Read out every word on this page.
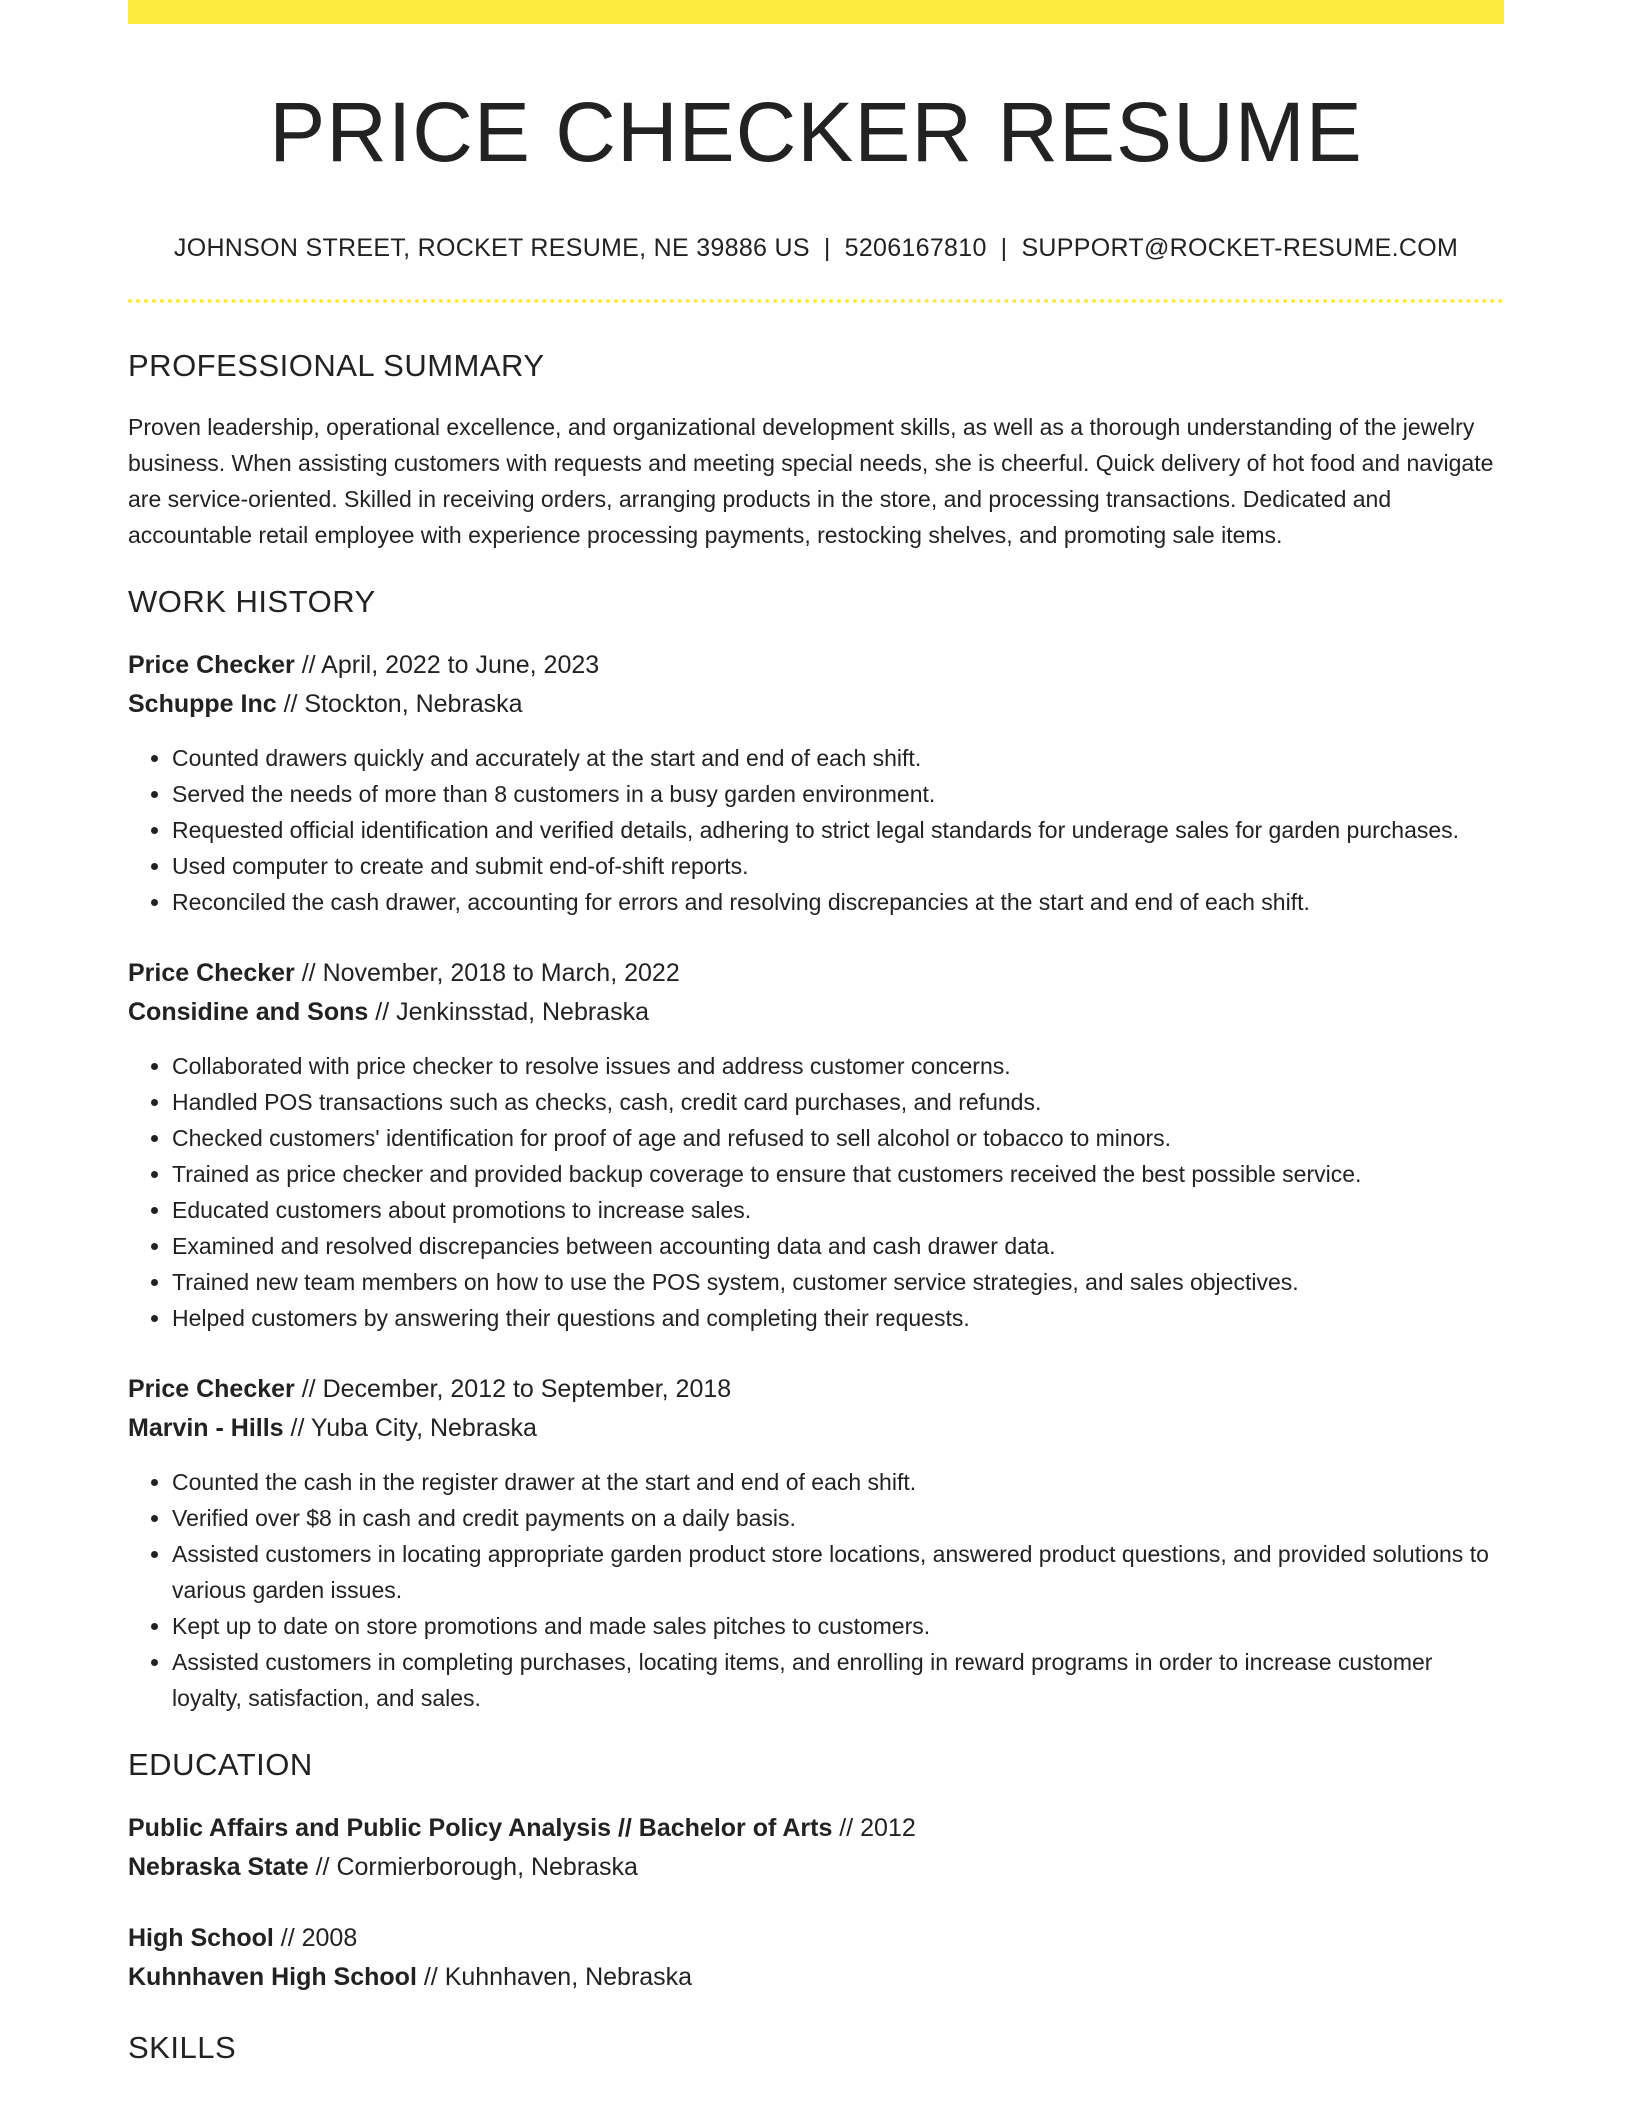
PRICE CHECKER RESUME
JOHNSON STREET, ROCKET RESUME, NE 39886 US | 5206167810 | SUPPORT@ROCKET-RESUME.COM
PROFESSIONAL SUMMARY
Proven leadership, operational excellence, and organizational development skills, as well as a thorough understanding of the jewelry business. When assisting customers with requests and meeting special needs, she is cheerful. Quick delivery of hot food and navigate are service-oriented. Skilled in receiving orders, arranging products in the store, and processing transactions. Dedicated and accountable retail employee with experience processing payments, restocking shelves, and promoting sale items.
WORK HISTORY
Price Checker // April, 2022 to June, 2023
Schuppe Inc // Stockton, Nebraska
• Counted drawers quickly and accurately at the start and end of each shift.
• Served the needs of more than 8 customers in a busy garden environment.
• Requested official identification and verified details, adhering to strict legal standards for underage sales for garden purchases.
• Used computer to create and submit end-of-shift reports.
• Reconciled the cash drawer, accounting for errors and resolving discrepancies at the start and end of each shift.
Price Checker // November, 2018 to March, 2022
Considine and Sons // Jenkinsstad, Nebraska
• Collaborated with price checker to resolve issues and address customer concerns.
• Handled POS transactions such as checks, cash, credit card purchases, and refunds.
• Checked customers' identification for proof of age and refused to sell alcohol or tobacco to minors.
• Trained as price checker and provided backup coverage to ensure that customers received the best possible service.
• Educated customers about promotions to increase sales.
• Examined and resolved discrepancies between accounting data and cash drawer data.
• Trained new team members on how to use the POS system, customer service strategies, and sales objectives.
• Helped customers by answering their questions and completing their requests.
Price Checker // December, 2012 to September, 2018
Marvin - Hills // Yuba City, Nebraska
• Counted the cash in the register drawer at the start and end of each shift.
• Verified over $8 in cash and credit payments on a daily basis.
• Assisted customers in locating appropriate garden product store locations, answered product questions, and provided solutions to various garden issues.
• Kept up to date on store promotions and made sales pitches to customers.
• Assisted customers in completing purchases, locating items, and enrolling in reward programs in order to increase customer loyalty, satisfaction, and sales.
EDUCATION
Public Affairs and Public Policy Analysis // Bachelor of Arts // 2012
Nebraska State // Cormierborough, Nebraska
High School // 2008
Kuhnhaven High School // Kuhnhaven, Nebraska
SKILLS
